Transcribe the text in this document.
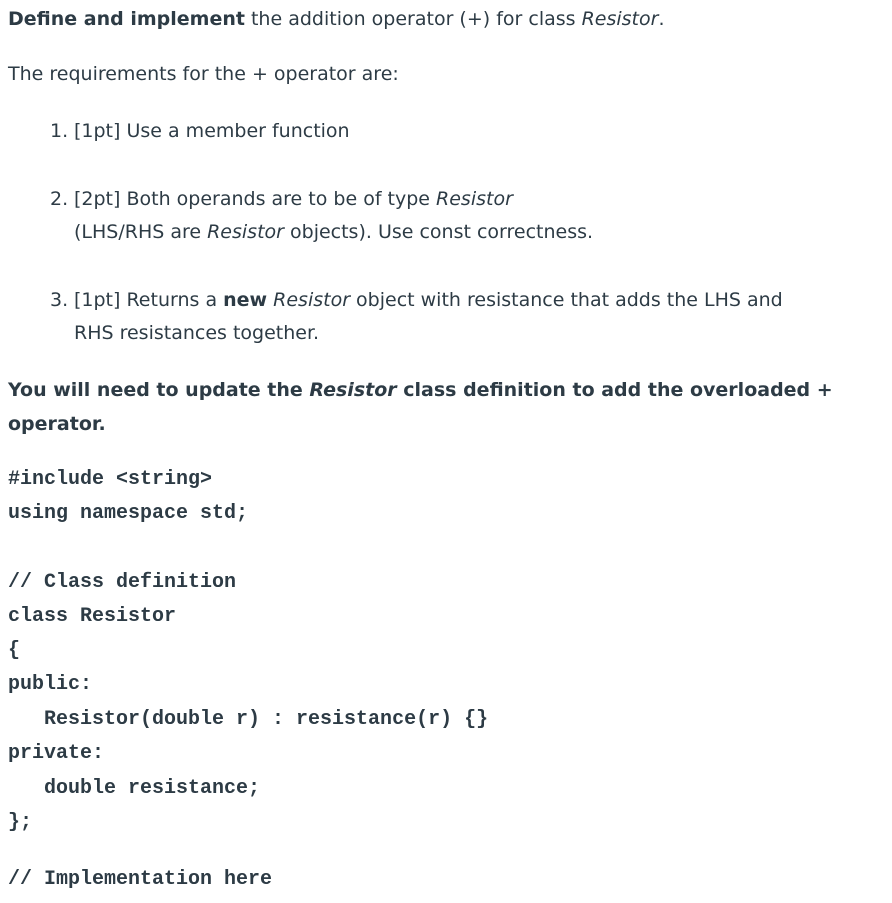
Define and implement the addition operator (+) for class Resistor.

The requirements for the + operator are:

1. [1pt] Use a member function

2. [2pt] Both operands are to be of type Resistor

(LHS/RHS are Resistor objects). Use const correctness.

3. [1pt] Returns a new Resistor object with resistance that adds the LHS and

RHS resistances together.

You will need to update the Resistor class definition to add the overloaded +

operator.

#include <string>

using namespace std;

// Class definition

class Resistor

{

public:

Resistor(double r) : resistance(r) {}

private:

double resistance;

};

// Implementation here
